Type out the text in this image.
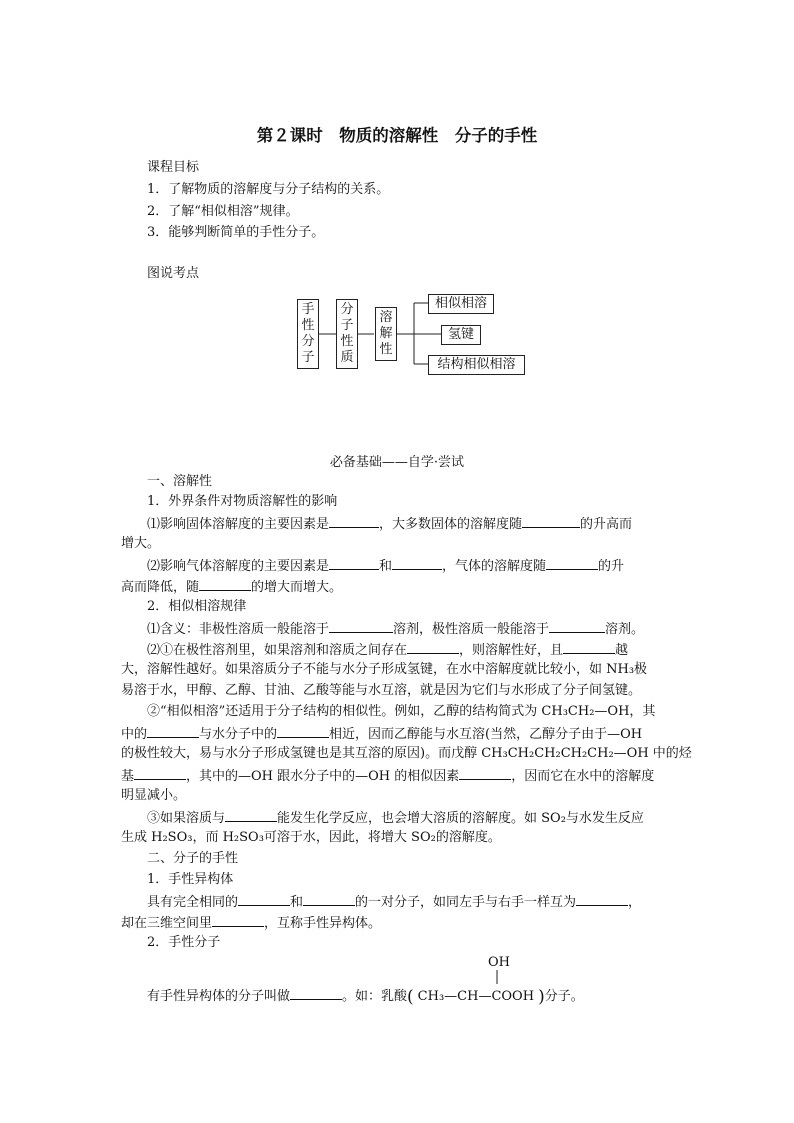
第２课时　物质的溶解性　分子的手性
课程目标
1．了解物质的溶解度与分子结构的关系。
2．了解“相似相溶”规律。
3．能够判断简单的手性分子。
图说考点
手
性
分
子
分
子
性
质
溶
解
性
相似相溶
氢键
结构相似相溶
必备基础——自学·尝试
一、溶解性
1．外界条件对物质溶解性的影响
⑴影响固体溶解度的主要因素是	，大多数固体的溶解度随	的升高而
增大。
⑵影响气体溶解度的主要因素是	和	，气体的溶解度随	的升
高而降低，随	的增大而增大。
2．相似相溶规律
⑴含义：非极性溶质一般能溶于	溶剂，极性溶质一般能溶于	溶剂。
⑵①在极性溶剂里，如果溶剂和溶质之间存在	，则溶解性好，且	越
大，溶解性越好。如果溶质分子不能与水分子形成氢键，在水中溶解度就比较小，如 NH₃极
易溶于水，甲醇、乙醇、甘油、乙酸等能与水互溶，就是因为它们与水形成了分子间氢键。
②“相似相溶”还适用于分子结构的相似性。例如，乙醇的结构简式为 CH₃CH₂—OH，其
中的	与水分子中的	相近，因而乙醇能与水互溶(当然，乙醇分子由于—OH
的极性较大，易与水分子形成氢键也是其互溶的原因)。而戊醇 CH₃CH₂CH₂CH₂CH₂—OH 中的烃
基	，其中的—OH 跟水分子中的—OH 的相似因素	，因而它在水中的溶解度
明显减小。
③如果溶质与	能发生化学反应，也会增大溶质的溶解度。如 SO₂与水发生反应
生成 H₂SO₃，而 H₂SO₃可溶于水，因此，将增大 SO₂的溶解度。
二、分子的手性
1．手性异构体
具有完全相同的	和	的一对分子，如同左手与右手一样互为	，
却在三维空间里	，互称手性异构体。
2．手性分子
OH
有手性异构体的分子叫做	。如：乳酸( CH₃—CH—COOH )分子。
